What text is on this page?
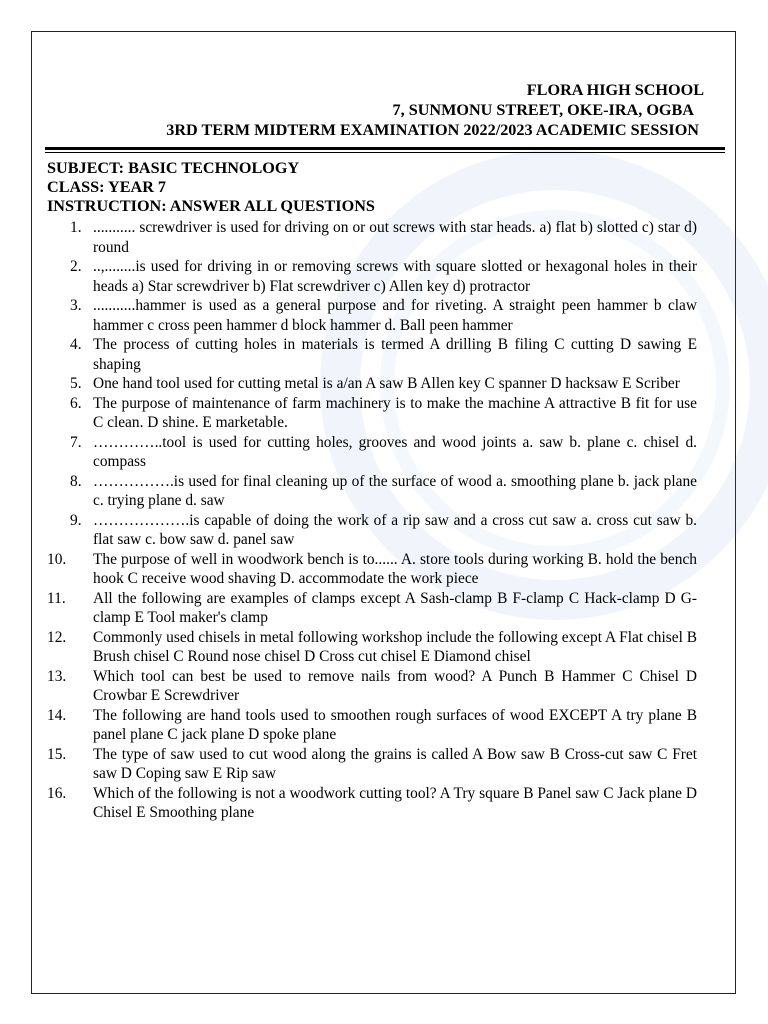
FLORA HIGH SCHOOL
7, SUNMONU STREET, OKE-IRA, OGBA
3RD TERM MIDTERM EXAMINATION 2022/2023 ACADEMIC SESSION
SUBJECT: BASIC TECHNOLOGY
CLASS: YEAR 7
INSTRUCTION: ANSWER ALL QUESTIONS
1. ........... screwdriver is used for driving on or out screws with star heads. a) flat b) slotted c) star d) round
2. ..,........is used for driving in or removing screws with square slotted or hexagonal holes in their heads a) Star screwdriver b) Flat screwdriver c) Allen key d) protractor
3. ...........hammer is used as a general purpose and for riveting. A straight peen hammer b claw hammer c cross peen hammer d block hammer d. Ball peen hammer
4. The process of cutting holes in materials is termed A drilling B filing C cutting D sawing E shaping
5. One hand tool used for cutting metal is a/an A saw B Allen key C spanner D hacksaw E Scriber
6. The purpose of maintenance of farm machinery is to make the machine A attractive B fit for use C clean. D shine. E marketable.
7. …………..tool is used for cutting holes, grooves and wood joints a. saw b. plane c. chisel d. compass
8. …………….is used for final cleaning up of the surface of wood a. smoothing plane b. jack plane c. trying plane d. saw
9. ……………….is capable of doing the work of a rip saw and a cross cut saw a. cross cut saw b. flat saw c. bow saw d. panel saw
10. The purpose of well in woodwork bench is to...... A. store tools during working B. hold the bench hook C receive wood shaving D. accommodate the work piece
11. All the following are examples of clamps except A Sash-clamp B F-clamp C Hack-clamp D G-clamp E Tool maker's clamp
12. Commonly used chisels in metal following workshop include the following except A Flat chisel B Brush chisel C Round nose chisel D Cross cut chisel E Diamond chisel
13. Which tool can best be used to remove nails from wood? A Punch B Hammer C Chisel D Crowbar E Screwdriver
14. The following are hand tools used to smoothen rough surfaces of wood EXCEPT A try plane B panel plane C jack plane D spoke plane
15. The type of saw used to cut wood along the grains is called A Bow saw B Cross-cut saw C Fret saw D Coping saw E Rip saw
16. Which of the following is not a woodwork cutting tool? A Try square B Panel saw C Jack plane D Chisel E Smoothing plane
